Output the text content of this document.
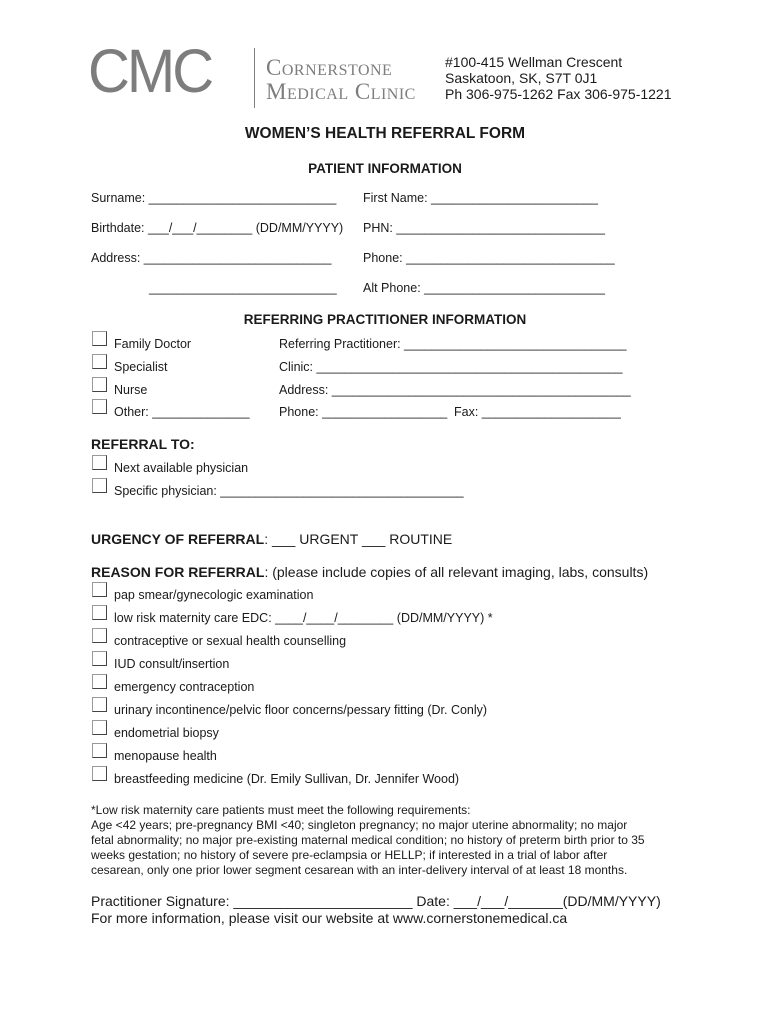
CMC Cornerstone
Medical Clinic
#100-415 Wellman Crescent
Saskatoon, SK, S7T 0J1
Ph 306-975-1262 Fax 306-975-1221
WOMEN’S HEALTH REFERRAL FORM
PATIENT INFORMATION
Surname: ___________________________ First Name: ________________________
Birthdate: ___/___/________ (DD/MM/YYYY) PHN: ______________________________
Address: ___________________________	Phone: ______________________________
___________________________ Alt Phone: __________________________
REFERRING PRACTITIONER INFORMATION
Family Doctor
Specialist
Nurse
Other: ______________
Referring Practitioner: ________________________________
Clinic: ____________________________________________
Address: ___________________________________________
Phone: __________________ Fax: ____________________
REFERRAL TO:
Next available physician
Specific physician: ___________________________________
URGENCY OF REFERRAL: ___ URGENT ___ ROUTINE
REASON FOR REFERRAL: (please include copies of all relevant imaging, labs, consults)
pap smear/gynecologic examination
low risk maternity care EDC: ____/____/________ (DD/MM/YYYY) *
contraceptive or sexual health counselling
IUD consult/insertion
emergency contraception
urinary incontinence/pelvic floor concerns/pessary fitting (Dr. Conly)
endometrial biopsy
menopause health
breastfeeding medicine (Dr. Emily Sullivan, Dr. Jennifer Wood)
*Low risk maternity care patients must meet the following requirements:
Age <42 years; pre-pregnancy BMI <40; singleton pregnancy; no major uterine abnormality; no major
fetal abnormality; no major pre-existing maternal medical condition; no history of preterm birth prior to 35
weeks gestation; no history of severe pre-eclampsia or HELLP; if interested in a trial of labor after
cesarean, only one prior lower segment cesarean with an inter-delivery interval of at least 18 months.
Practitioner Signature: _______________________ Date: ___/___/_______(DD/MM/YYYY)
For more information, please visit our website at www.cornerstonemedical.ca
